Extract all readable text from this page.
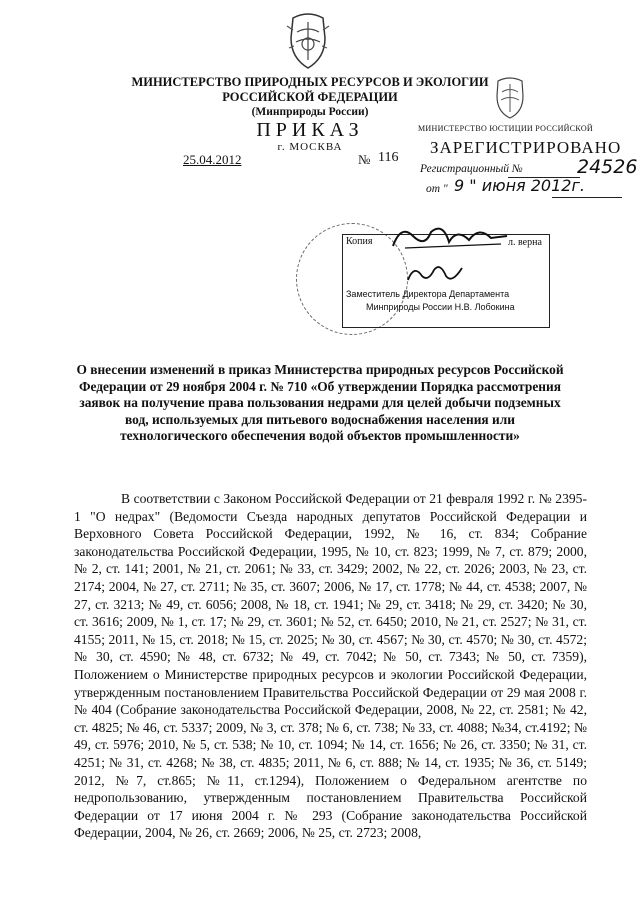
МИНИСТЕРСТВО ПРИРОДНЫХ РЕСУРСОВ И ЭКОЛОГИИ
РОССИЙСКОЙ ФЕДЕРАЦИИ
(Минприроды России)
ПРИКАЗ
г. МОСКВА
25.04.2012	№ 116
МИНИСТЕРСТВО ЮСТИЦИИ РОССИЙСКОЙ
ЗАРЕГИСТРИРОВАНО
Регистрационный №	24526
от " 9 " июня 2012г.
Копия	л. верна
Заместитель Директора Департамента
Минприроды России Н.В. Лобокина
О внесении изменений в приказ Министерства природных ресурсов Российской Федерации от 29 ноября 2004 г. № 710 «Об утверждении Порядка рассмотрения заявок на получение права пользования недрами для целей добычи подземных вод, используемых для питьевого водоснабжения населения или технологического обеспечения водой объектов промышленности»

В соответствии с Законом Российской Федерации от 21 февраля 1992 г. № 2395-1 "О недрах" (Ведомости Съезда народных депутатов Российской Федерации и Верховного Совета Российской Федерации, 1992, № 16, ст. 834; Собрание законодательства Российской Федерации, 1995, № 10, ст. 823; 1999, № 7, ст. 879; 2000, № 2, ст. 141; 2001, № 21, ст. 2061; № 33, ст. 3429; 2002, № 22, ст. 2026; 2003, № 23, ст. 2174; 2004, № 27, ст. 2711; № 35, ст. 3607; 2006, № 17, ст. 1778; № 44, ст. 4538; 2007, № 27, ст. 3213; № 49, ст. 6056; 2008, № 18, ст. 1941; № 29, ст. 3418; № 29, ст. 3420; № 30, ст. 3616; 2009, № 1, ст. 17; № 29, ст. 3601; № 52, ст. 6450; 2010, № 21, ст. 2527; № 31, ст. 4155; 2011, № 15, ст. 2018; № 15, ст. 2025; № 30, ст. 4567; № 30, ст. 4570; № 30, ст. 4572; № 30, ст. 4590; № 48, ст. 6732; № 49, ст. 7042; № 50, ст. 7343; № 50, ст. 7359), Положением о Министерстве природных ресурсов и экологии Российской Федерации, утвержденным постановлением Правительства Российской Федерации от 29 мая 2008 г. № 404 (Собрание законодательства Российской Федерации, 2008, № 22, ст. 2581; № 42, ст. 4825; № 46, ст. 5337; 2009, № 3, ст. 378; № 6, ст. 738; № 33, ст. 4088; №34, ст.4192; № 49, ст. 5976; 2010, № 5, ст. 538; № 10, ст. 1094; № 14, ст. 1656; № 26, ст. 3350; № 31, ст. 4251; № 31, ст. 4268; № 38, ст. 4835; 2011, № 6, ст. 888; № 14, ст. 1935; № 36, ст. 5149; 2012, №7, ст.865; №11, ст.1294), Положением о Федеральном агентстве по недропользованию, утвержденным постановлением Правительства Российской Федерации от 17 июня 2004 г. № 293 (Собрание законодательства Российской Федерации, 2004, № 26, ст. 2669; 2006, № 25, ст. 2723; 2008,
